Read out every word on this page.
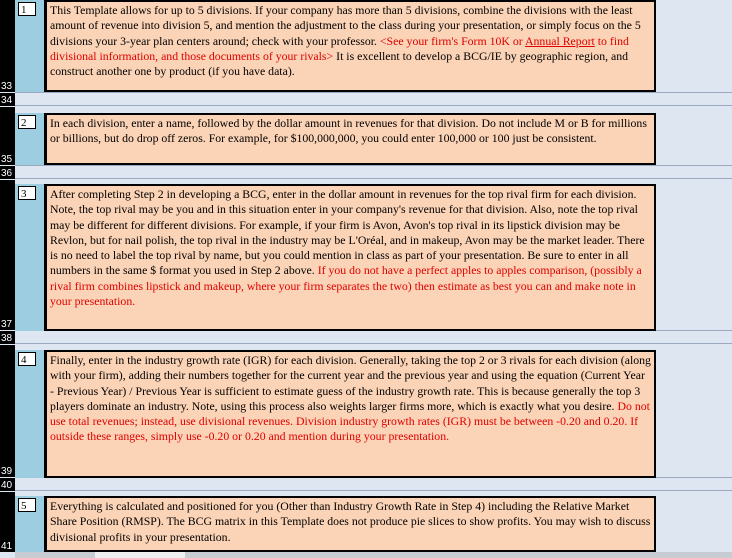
33
34
35
36
37
38
39
40
41
1	This Template allows for up to 5 divisions. If your company has more than 5 divisions, combine the divisions with the least amount of revenue into division 5, and mention the adjustment to the class during your presentation, or simply focus on the 5 divisions your 3-year plan centers around; check with your professor. <See your firm's Form 10K or Annual Report to find divisional information, and those documents of your rivals> It is excellent to develop a BCG/IE by geographic region, and construct another one by product (if you have data).
2	In each division, enter a name, followed by the dollar amount in revenues for that division. Do not include M or B for millions or billions, but do drop off zeros. For example, for $100,000,000, you could enter 100,000 or 100 just be consistent.
3	After completing Step 2 in developing a BCG, enter in the dollar amount in revenues for the top rival firm for each division. Note, the top rival may be you and in this situation enter in your company's revenue for that division. Also, note the top rival may be different for different divisions. For example, if your firm is Avon, Avon's top rival in its lipstick division may be Revlon, but for nail polish, the top rival in the industry may be L'Oréal, and in makeup, Avon may be the market leader. There is no need to label the top rival by name, but you could mention in class as part of your presentation. Be sure to enter in all numbers in the same $ format you used in Step 2 above. If you do not have a perfect apples to apples comparison, (possibly a rival firm combines lipstick and makeup, where your firm separates the two) then estimate as best you can and make note in your presentation.
4	Finally, enter in the industry growth rate (IGR) for each division. Generally, taking the top 2 or 3 rivals for each division (along with your firm), adding their numbers together for the current year and the previous year and using the equation (Current Year - Previous Year) / Previous Year is sufficient to estimate guess of the industry growth rate. This is because generally the top 3 players dominate an industry. Note, using this process also weights larger firms more, which is exactly what you desire. Do not use total revenues; instead, use divisional revenues. Division industry growth rates (IGR) must be between -0.20 and 0.20. If outside these ranges, simply use -0.20 or 0.20 and mention during your presentation.
5	Everything is calculated and positioned for you (Other than Industry Growth Rate in Step 4) including the Relative Market Share Position (RMSP). The BCG matrix in this Template does not produce pie slices to show profits. You may wish to discuss divisional profits in your presentation.
